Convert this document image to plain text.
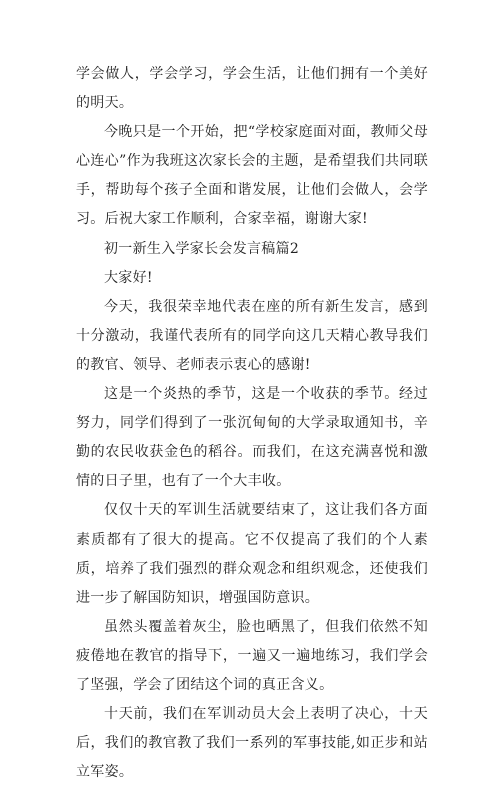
学会做人，学会学习，学会生活，让他们拥有一个美好的明天。

今晚只是一个开始，把“学校家庭面对面，教师父母心连心”作为我班这次家长会的主题，是希望我们共同联手，帮助每个孩子全面和谐发展，让他们会做人，会学习。后祝大家工作顺利，合家幸福，谢谢大家!

初一新生入学家长会发言稿篇2

大家好!

今天，我很荣幸地代表在座的所有新生发言，感到十分激动，我谨代表所有的同学向这几天精心教导我们的教官、领导、老师表示衷心的感谢!

这是一个炎热的季节，这是一个收获的季节。经过努力，同学们得到了一张沉甸甸的大学录取通知书，辛勤的农民收获金色的稻谷。而我们，在这充满喜悦和激情的日子里，也有了一个大丰收。

仅仅十天的军训生活就要结束了，这让我们各方面素质都有了很大的提高。它不仅提高了我们的个人素质，培养了我们强烈的群众观念和组织观念，还使我们进一步了解国防知识，增强国防意识。

虽然头覆盖着灰尘，脸也晒黑了，但我们依然不知疲倦地在教官的指导下，一遍又一遍地练习，我们学会了坚强，学会了团结这个词的真正含义。

十天前，我们在军训动员大会上表明了决心，十天后，我们的教官教了我们一系列的军事技能,如正步和站立军姿。
